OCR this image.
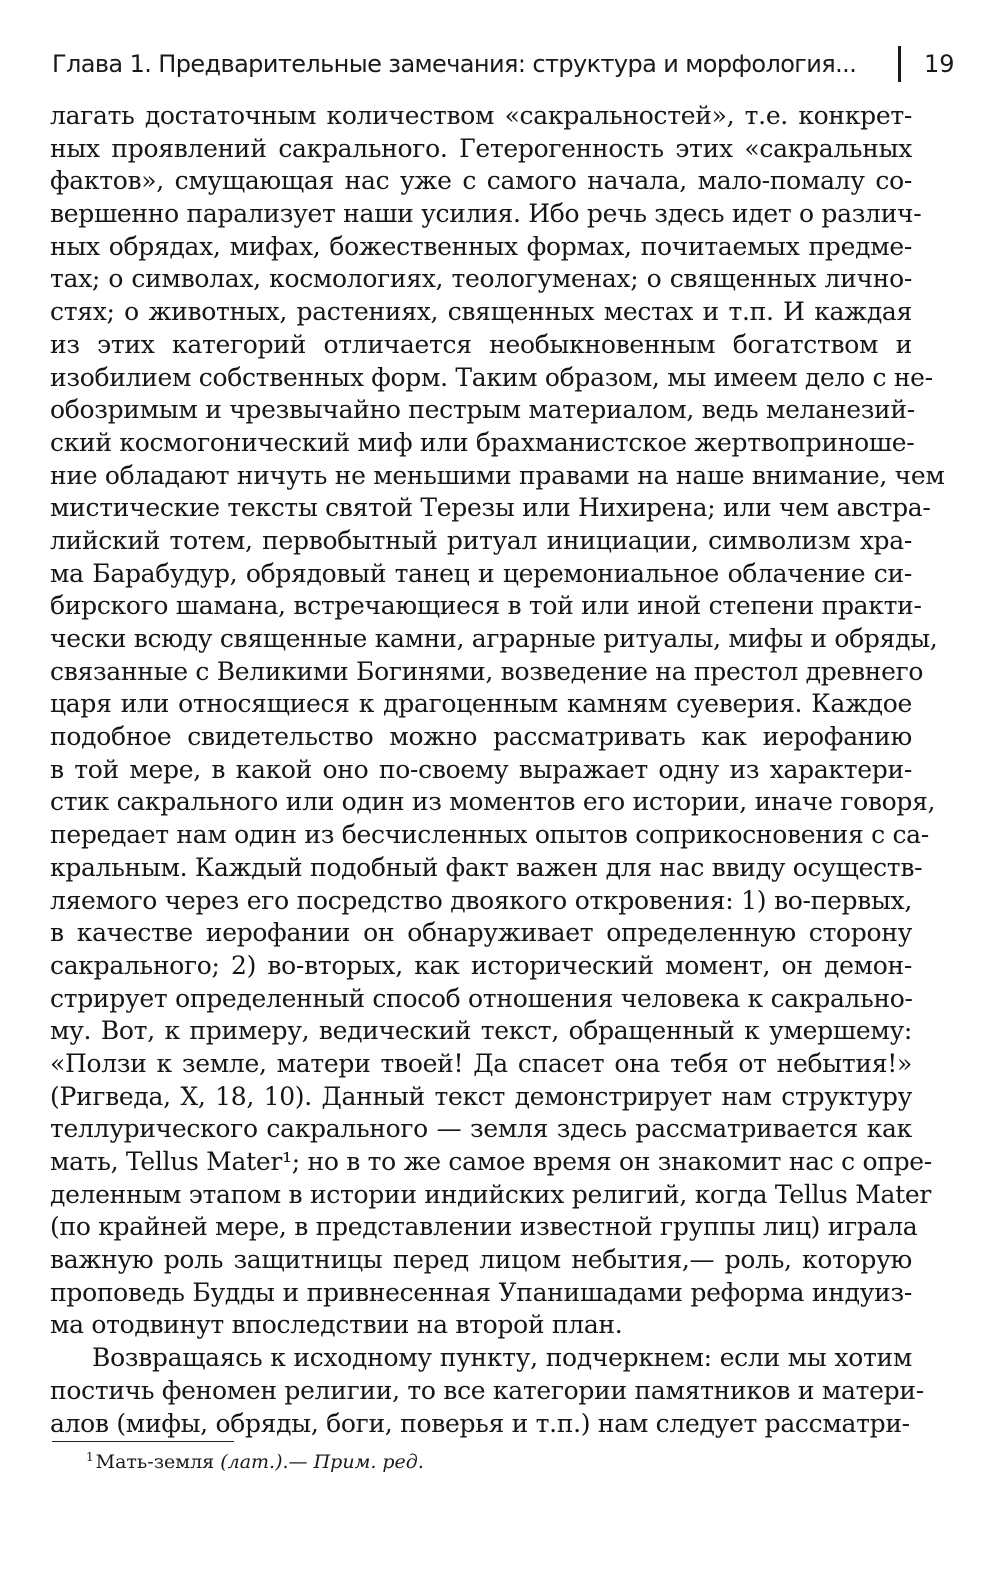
Глава 1. Предварительные замечания: структура и морфология...	19

лагать достаточным количеством «сакральностей», т.е. конкрет-
ных проявлений сакрального. Гетерогенность этих «сакральных
фактов», смущающая нас уже с самого начала, мало-помалу со-
вершенно парализует наши усилия. Ибо речь здесь идет о различ-
ных обрядах, мифах, божественных формах, почитаемых предме-
тах; о символах, космологиях, теологуменах; о священных лично-
стях; о животных, растениях, священных местах и т.п. И каждая
из этих категорий отличается необыкновенным богатством и
изобилием собственных форм. Таким образом, мы имеем дело с не-
обозримым и чрезвычайно пестрым материалом, ведь меланезий-
ский космогонический миф или брахманистское жертвоприноше-
ние обладают ничуть не меньшими правами на наше внимание, чем
мистические тексты святой Терезы или Нихирена; или чем австра-
лийский тотем, первобытный ритуал инициации, символизм хра-
ма Барабудур, обрядовый танец и церемониальное облачение си-
бирского шамана, встречающиеся в той или иной степени практи-
чески всюду священные камни, аграрные ритуалы, мифы и обряды,
связанные с Великими Богинями, возведение на престол древнего
царя или относящиеся к драгоценным камням суеверия. Каждое
подобное свидетельство можно рассматривать как иерофанию
в той мере, в какой оно по-своему выражает одну из характери-
стик сакрального или один из моментов его истории, иначе говоря,
передает нам один из бесчисленных опытов соприкосновения с са-
кральным. Каждый подобный факт важен для нас ввиду осуществ-
ляемого через его посредство двоякого откровения: 1) во-первых,
в качестве иерофании он обнаруживает определенную сторону
сакрального; 2) во-вторых, как исторический момент, он демон-
стрирует определенный способ отношения человека к сакрально-
му. Вот, к примеру, ведический текст, обращенный к умершему:
«Ползи к земле, матери твоей! Да спасет она тебя от небытия!»
(Ригведа, X, 18, 10). Данный текст демонстрирует нам структуру
теллурического сакрального — земля здесь рассматривается как
мать, Tellus Mater¹; но в то же самое время он знакомит нас с опре-
деленным этапом в истории индийских религий, когда Tellus Mater
(по крайней мере, в представлении известной группы лиц) играла
важную роль защитницы перед лицом небытия,— роль, которую
проповедь Будды и привнесенная Упанишадами реформа индуиз-
ма отодвинут впоследствии на второй план.

Возвращаясь к исходному пункту, подчеркнем: если мы хотим
постичь феномен религии, то все категории памятников и матери-
алов (мифы, обряды, боги, поверья и т.п.) нам следует рассматри-

$^1$ Мать-земля (лат.).— Прим. ред.
